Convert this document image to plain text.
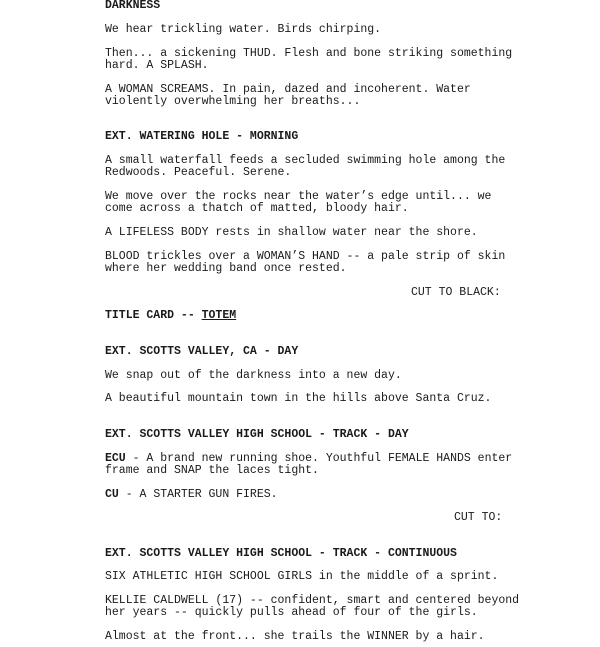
DARKNESS
We hear trickling water. Birds chirping.
Then... a sickening THUD. Flesh and bone striking something
hard. A SPLASH.
A WOMAN SCREAMS. In pain, dazed and incoherent. Water
violently overwhelming her breaths...
EXT. WATERING HOLE - MORNING
A small waterfall feeds a secluded swimming hole among the
Redwoods. Peaceful. Serene.
We move over the rocks near the water’s edge until... we
come across a thatch of matted, bloody hair.
A LIFELESS BODY rests in shallow water near the shore.
BLOOD trickles over a WOMAN’S HAND -- a pale strip of skin
where her wedding band once rested.
CUT TO BLACK:
TITLE CARD -- TOTEM
EXT. SCOTTS VALLEY, CA - DAY
We snap out of the darkness into a new day.
A beautiful mountain town in the hills above Santa Cruz.
EXT. SCOTTS VALLEY HIGH SCHOOL - TRACK - DAY
ECU - A brand new running shoe. Youthful FEMALE HANDS enter
frame and SNAP the laces tight.
CU - A STARTER GUN FIRES.
CUT TO:
EXT. SCOTTS VALLEY HIGH SCHOOL - TRACK - CONTINUOUS
SIX ATHLETIC HIGH SCHOOL GIRLS in the middle of a sprint.
KELLIE CALDWELL (17) -- confident, smart and centered beyond
her years -- quickly pulls ahead of four of the girls.
Almost at the front... she trails the WINNER by a hair.
